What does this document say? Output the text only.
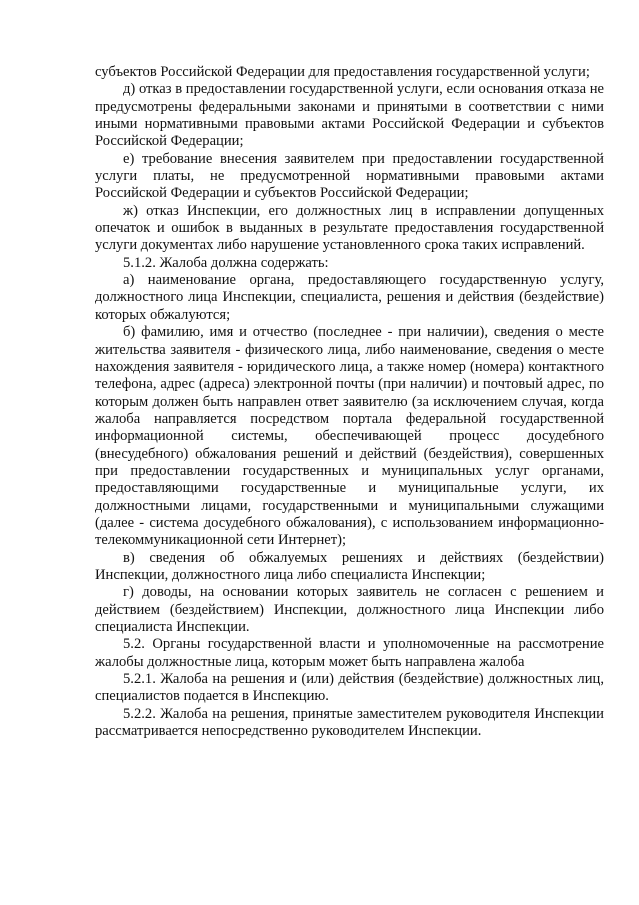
субъектов Российской Федерации для предоставления государственной услуги;

д) отказ в предоставлении государственной услуги, если основания отказа не предусмотрены федеральными законами и принятыми в соответствии с ними иными нормативными правовыми актами Российской Федерации и субъектов Российской Федерации;

е) требование внесения заявителем при предоставлении государственной услуги платы, не предусмотренной нормативными правовыми актами Российской Федерации и субъектов Российской Федерации;

ж) отказ Инспекции, его должностных лиц в исправлении допущенных опечаток и ошибок в выданных в результате предоставления государственной услуги документах либо нарушение установленного срока таких исправлений.

5.1.2. Жалоба должна содержать:

а) наименование органа, предоставляющего государственную услугу, должностного лица Инспекции, специалиста, решения и действия (бездействие) которых обжалуются;

б) фамилию, имя и отчество (последнее - при наличии), сведения о месте жительства заявителя - физического лица, либо наименование, сведения о месте нахождения заявителя - юридического лица, а также номер (номера) контактного телефона, адрес (адреса) электронной почты (при наличии) и почтовый адрес, по которым должен быть направлен ответ заявителю (за исключением случая, когда жалоба направляется посредством портала федеральной государственной информационной системы, обеспечивающей процесс досудебного (внесудебного) обжалования решений и действий (бездействия), совершенных при предоставлении государственных и муниципальных услуг органами, предоставляющими государственные и муниципальные услуги, их должностными лицами, государственными и муниципальными служащими (далее - система досудебного обжалования), с использованием информационно-телекоммуникационной сети Интернет);

в) сведения об обжалуемых решениях и действиях (бездействии) Инспекции, должностного лица либо специалиста Инспекции;

г) доводы, на основании которых заявитель не согласен с решением и действием (бездействием) Инспекции, должностного лица Инспекции либо специалиста Инспекции.

5.2. Органы государственной власти и уполномоченные на рассмотрение жалобы должностные лица, которым может быть направлена жалоба

5.2.1. Жалоба на решения и (или) действия (бездействие) должностных лиц, специалистов подается в Инспекцию.

5.2.2. Жалоба на решения, принятые заместителем руководителя Инспекции рассматривается непосредственно руководителем Инспекции.
